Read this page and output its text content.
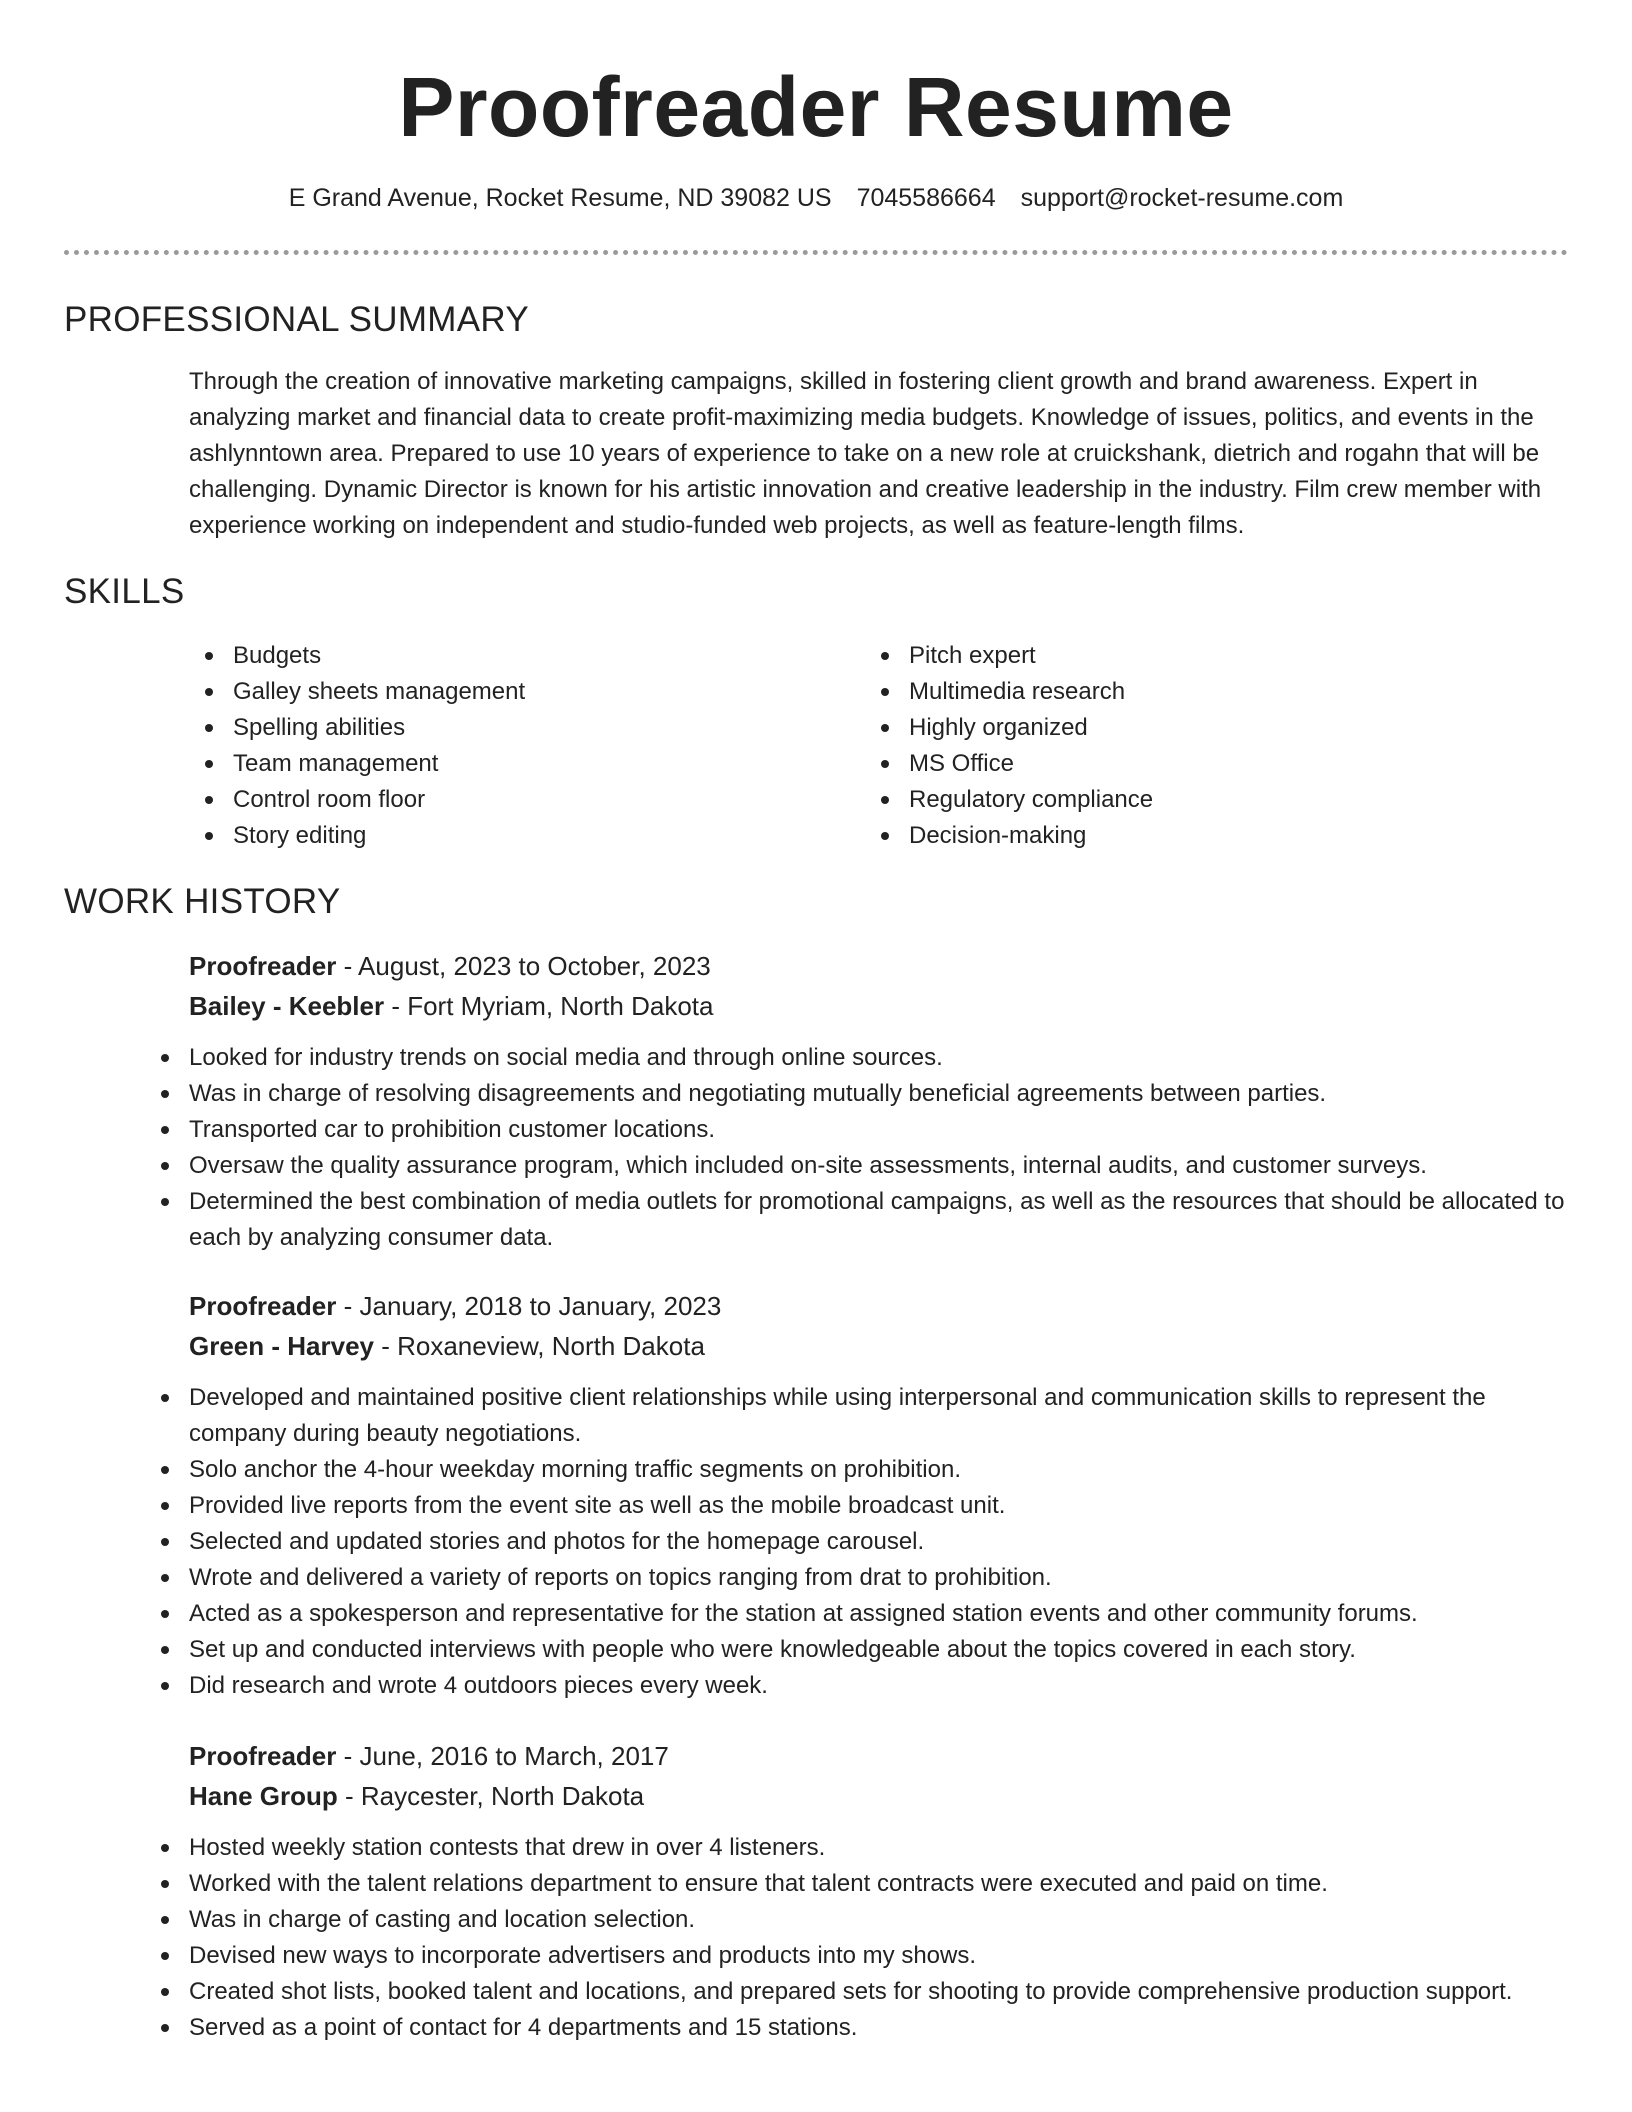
Proofreader Resume
E Grand Avenue, Rocket Resume, ND 39082 US 7045586664 support@rocket-resume.com
PROFESSIONAL SUMMARY

Through the creation of innovative marketing campaigns, skilled in fostering client growth and brand awareness. Expert in analyzing market and financial data to create profit-maximizing media budgets. Knowledge of issues, politics, and events in the ashlynntown area. Prepared to use 10 years of experience to take on a new role at cruickshank, dietrich and rogahn that will be challenging. Dynamic Director is known for his artistic innovation and creative leadership in the industry. Film crew member with experience working on independent and studio-funded web projects, as well as feature-length films.

SKILLS
Budgets
Galley sheets management
Spelling abilities
Team management
Control room floor
Story editing
Pitch expert
Multimedia research
Highly organized
MS Office
Regulatory compliance
Decision-making
WORK HISTORY
Proofreader - August, 2023 to October, 2023
Bailey - Keebler - Fort Myriam, North Dakota
Looked for industry trends on social media and through online sources.
Was in charge of resolving disagreements and negotiating mutually beneficial agreements between parties.
Transported car to prohibition customer locations.
Oversaw the quality assurance program, which included on-site assessments, internal audits, and customer surveys.
Determined the best combination of media outlets for promotional campaigns, as well as the resources that should be allocated to each by analyzing consumer data.
Proofreader - January, 2018 to January, 2023
Green - Harvey - Roxaneview, North Dakota
Developed and maintained positive client relationships while using interpersonal and communication skills to represent the company during beauty negotiations.
Solo anchor the 4-hour weekday morning traffic segments on prohibition.
Provided live reports from the event site as well as the mobile broadcast unit.
Selected and updated stories and photos for the homepage carousel.
Wrote and delivered a variety of reports on topics ranging from drat to prohibition.
Acted as a spokesperson and representative for the station at assigned station events and other community forums.
Set up and conducted interviews with people who were knowledgeable about the topics covered in each story.
Did research and wrote 4 outdoors pieces every week.
Proofreader - June, 2016 to March, 2017
Hane Group - Raycester, North Dakota
Hosted weekly station contests that drew in over 4 listeners.
Worked with the talent relations department to ensure that talent contracts were executed and paid on time.
Was in charge of casting and location selection.
Devised new ways to incorporate advertisers and products into my shows.
Created shot lists, booked talent and locations, and prepared sets for shooting to provide comprehensive production support.
Served as a point of contact for 4 departments and 15 stations.
